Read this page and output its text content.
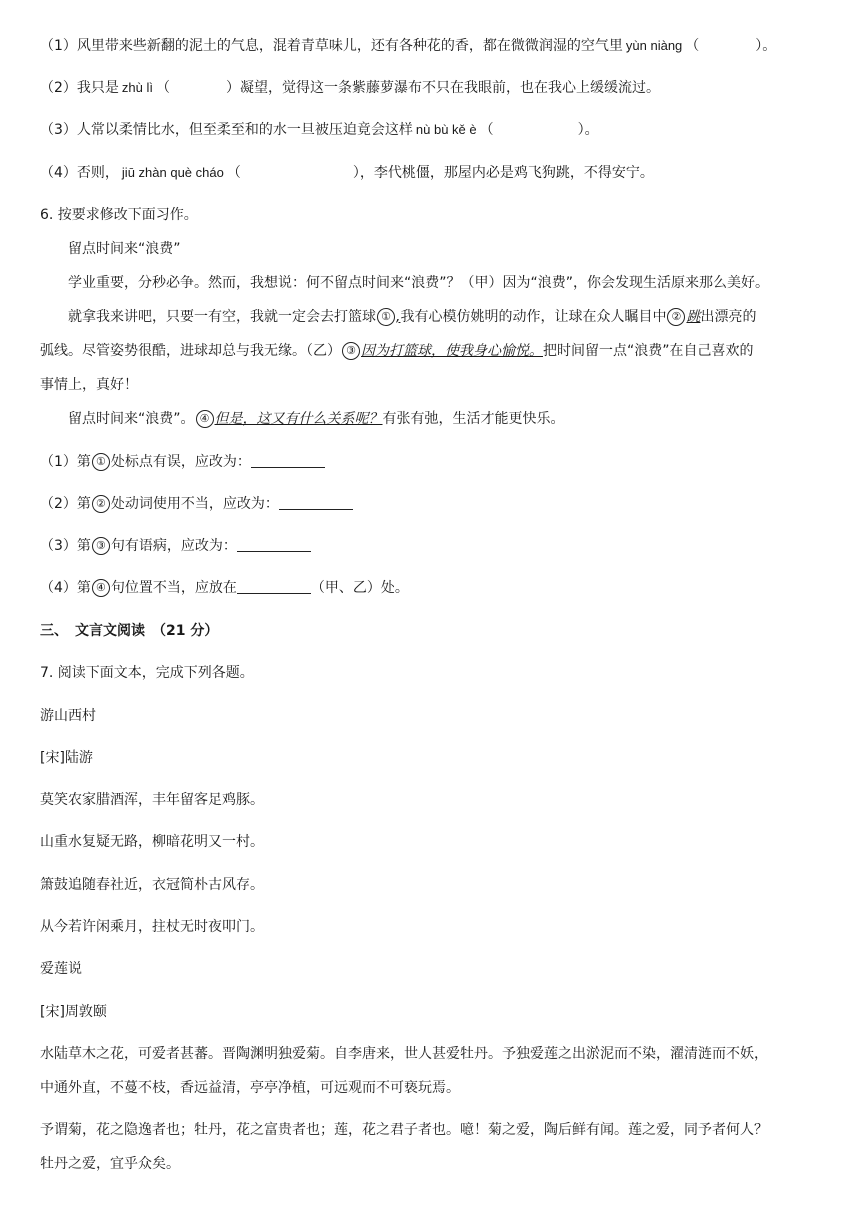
（1）风里带来些新翻的泥土的气息，混着青草味儿，还有各种花的香，都在微微润湿的空气里 yùn niàng （　　　　）。
（2）我只是 zhù lì （　　　　）凝望，觉得这一条紫藤萝瀑布不只在我眼前，也在我心上缓缓流过。
（3）人常以柔情比水，但至柔至和的水一旦被压迫竟会这样 nù bù kě è （　　　　　　）。
（4）否则， jiū zhàn què cháo （　　　　　　　　），李代桃僵，那屋内必是鸡飞狗跳，不得安宁。
6. 按要求修改下面习作。
留点时间来“浪费”
学业重要，分秒必争。然而，我想说：何不留点时间来“浪费”？（甲）因为“浪费”，你会发现生活原来那么美好。
就拿我来讲吧，只要一有空，我就一定会去打篮球 ① ,我有心模仿姚明的动作，让球在众人瞩目中 ② 跳出漂亮的
弧线。尽管姿势很酷，进球却总与我无缘。（乙） ③ 因为打篮球，使我身心愉悦。把时间留一点“浪费”在自己喜欢的
事情上，真好！
留点时间来“浪费”。 ④ 但是，这又有什么关系呢？有张有弛，生活才能更快乐。
（1）第 ① 处标点有误，应改为：
（2）第 ② 处动词使用不当，应改为：
（3）第 ③ 句有语病，应改为：
（4）第 ④ 句位置不当，应放在	（甲、乙）处。
三、　文言文阅读　（21 分）
7. 阅读下面文本，完成下列各题。
游山西村
[宋]陆游
莫笑农家腊酒浑，丰年留客足鸡豚。
山重水复疑无路，柳暗花明又一村。
箫鼓追随春社近，衣冠简朴古风存。
从今若许闲乘月，拄杖无时夜叩门。
爱莲说
[宋]周敦颐
水陆草木之花，可爱者甚蕃。晋陶渊明独爱菊。自李唐来，世人甚爱牡丹。予独爱莲之出淤泥而不染，濯清涟而不妖，
中通外直，不蔓不枝，香远益清，亭亭净植，可远观而不可亵玩焉。
予谓菊，花之隐逸者也；牡丹，花之富贵者也；莲，花之君子者也。噫！菊之爱，陶后鲜有闻。莲之爱，同予者何人？
牡丹之爱，宜乎众矣。
